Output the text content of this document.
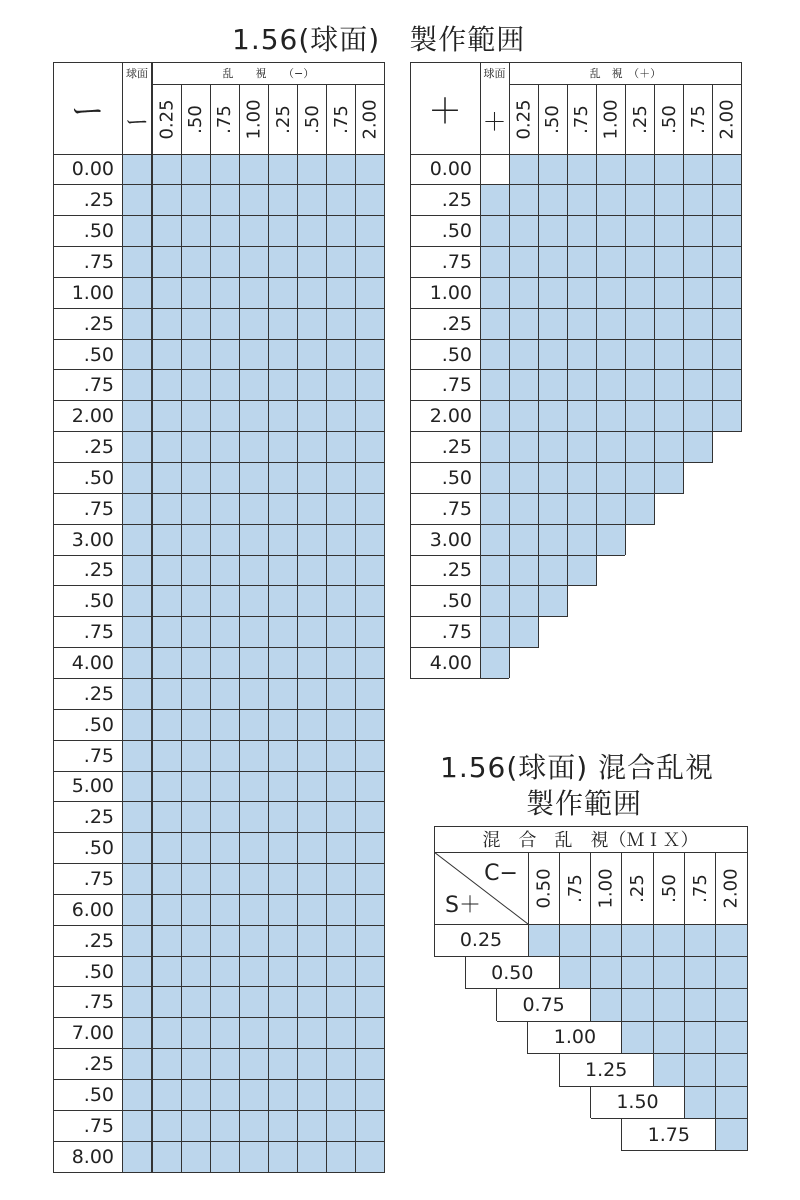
1.56(球面)　製作範囲
1.56(球面) 混合乱視
製作範囲
ー
球面
ー
乱　　視　　（−）
0.25 .50 .75 1.00 .25 .50 .75 2.00
0.00
.25
.50
.75
1.00
.25
.50
.75
2.00
.25
.50
.75
3.00
.25
.50
.75
4.00
.25
.50
.75
5.00
.25
.50
.75
6.00
.25
.50
.75
7.00
.25
.50
.75
8.00
＋
球面
＋
乱　視　（＋）
0.25 .50 .75 1.00 .25 .50 .75 2.00
0.00
.25
.50
.75
1.00
.25
.50
.75
2.00
.25
.50
.75
3.00
.25
.50
.75
4.00
混　合　乱　視（ＭＩＸ）
C−
S＋	0.50 .75 1.00 .25 .50 .75 2.00
0.25
0.50
0.75
1.00
1.25
1.50
1.75
